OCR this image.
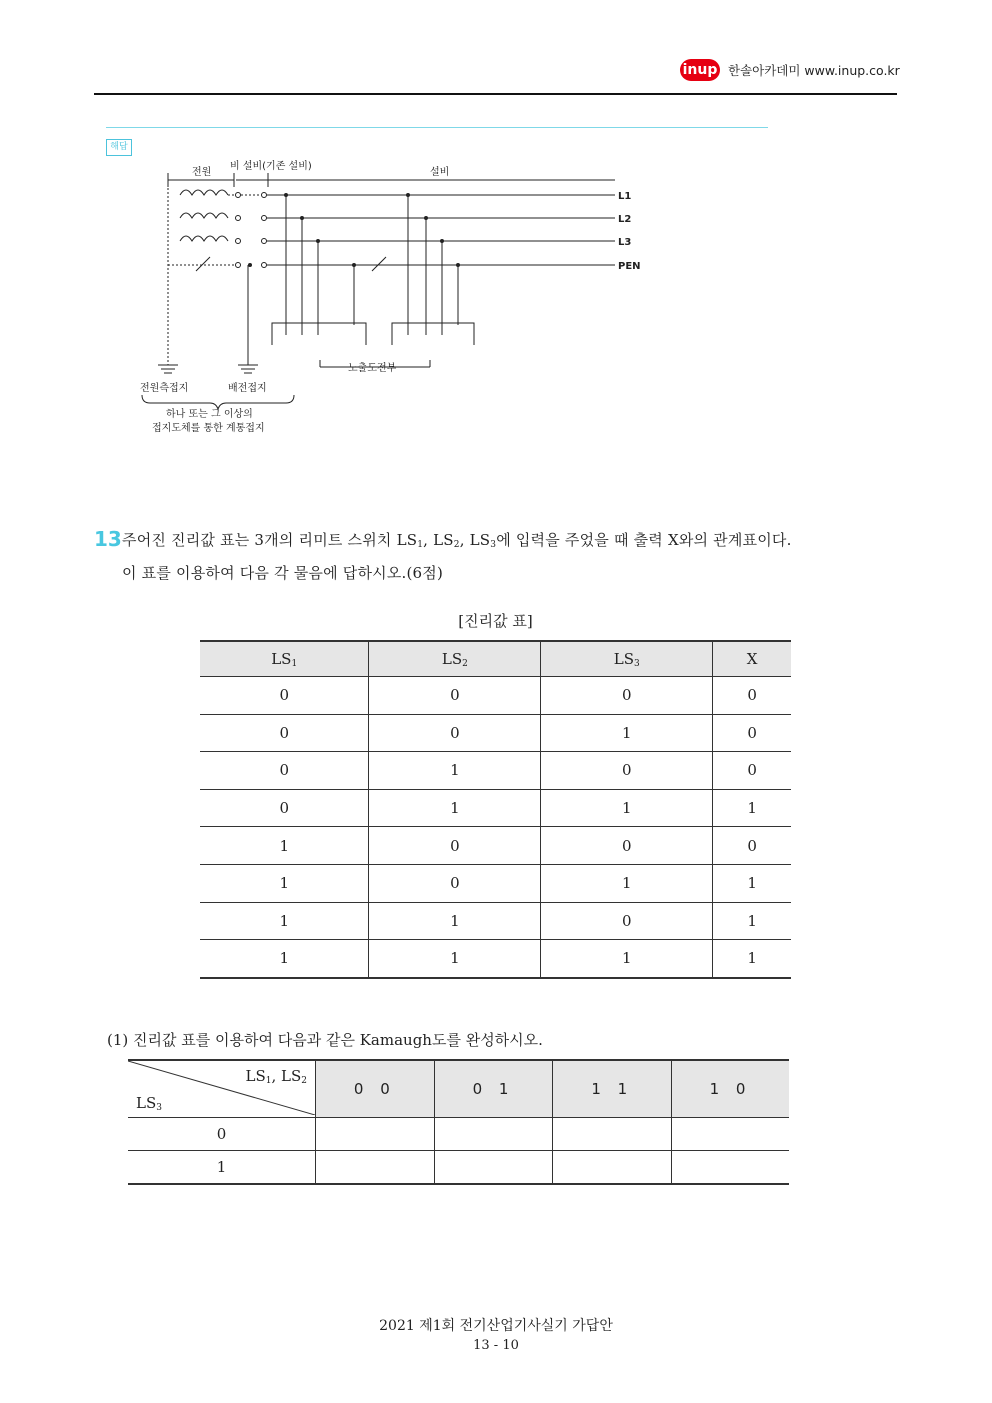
inup 한솔아카데미 www.inup.co.kr
해답
전원
비 설비(기존 설비)
설비
L1
L2
L3
PEN
노출도전부
전원측접지	배전접지
하나 또는 그 이상의
접지도체를 통한 계통접지
13 주어진 진리값 표는 3개의 리미트 스위치 $LS_1$, $LS_2$, $LS_3$에 입력을 주었을 때 출력 X와의 관계표이다.
이 표를 이용하여 다음 각 물음에 답하시오.(6점)
[진리값 표]
$LS_1$	$LS_2$	$LS_3$	X
0	0	0	0
0	0	1	0
0	1	0	0
0	1	1	1
1	0	0	0
1	0	1	1
1	1	0	1
1	1	1	1
(1) 진리값 표를 이용하여 다음과 같은 Kamaugh도를 완성하시오.
$LS_1$, $LS_2$
$LS_3$	0 0	0 1	1 1	1 0
0				
1				
2021 제1회 전기산업기사실기 가답안
13 - 10
